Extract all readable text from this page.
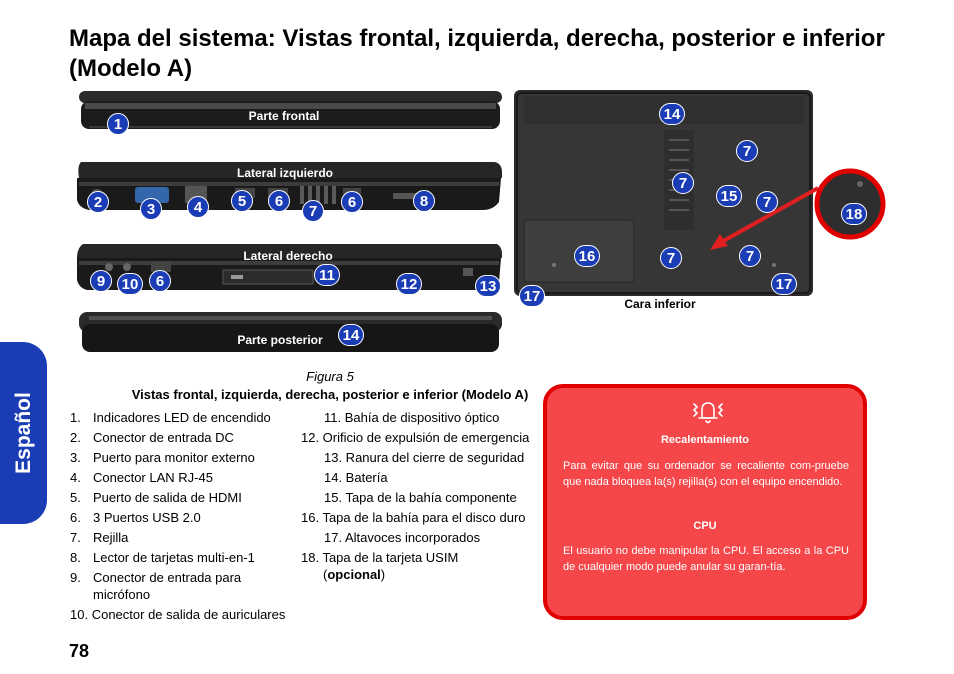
Mapa del sistema: Vistas frontal, izquierda, derecha, posterior e inferior (Modelo A)
Español
Parte frontal
1
Lateral izquierdo
2	3	4	5	6
7
6	8
Lateral derecho
9	10	6	11
12	13
Parte posterior	14
Cara inferior
14
7
7
15	7
18
16	7	7
17
17
Figura 5
Vistas frontal, izquierda, derecha, posterior e inferior (Modelo A)
1. Indicadores LED de encendido
2. Conector de entrada DC
3. Puerto para monitor externo
4. Conector LAN RJ-45
5. Puerto de salida de HDMI
6. 3 Puertos USB 2.0
7. Rejilla
8. Lector de tarjetas multi-en-1
9. Conector de entrada para micrófono
10. Conector de salida de auriculares
11. Bahía de dispositivo óptico
12. Orificio de expulsión de emergencia
13. Ranura del cierre de seguridad
14. Batería
15. Tapa de la bahía componente
16. Tapa de la bahía para el disco duro
17. Altavoces incorporados
18. Tapa de la tarjeta USIM
(opcional)
Recalentamiento
Para evitar que su ordenador se recaliente com-pruebe que nada bloquea la(s) rejilla(s) con el equipo encendido.
CPU
El usuario no debe manipular la CPU. El acceso a la CPU de cualquier modo puede anular su garan-tía.
78
